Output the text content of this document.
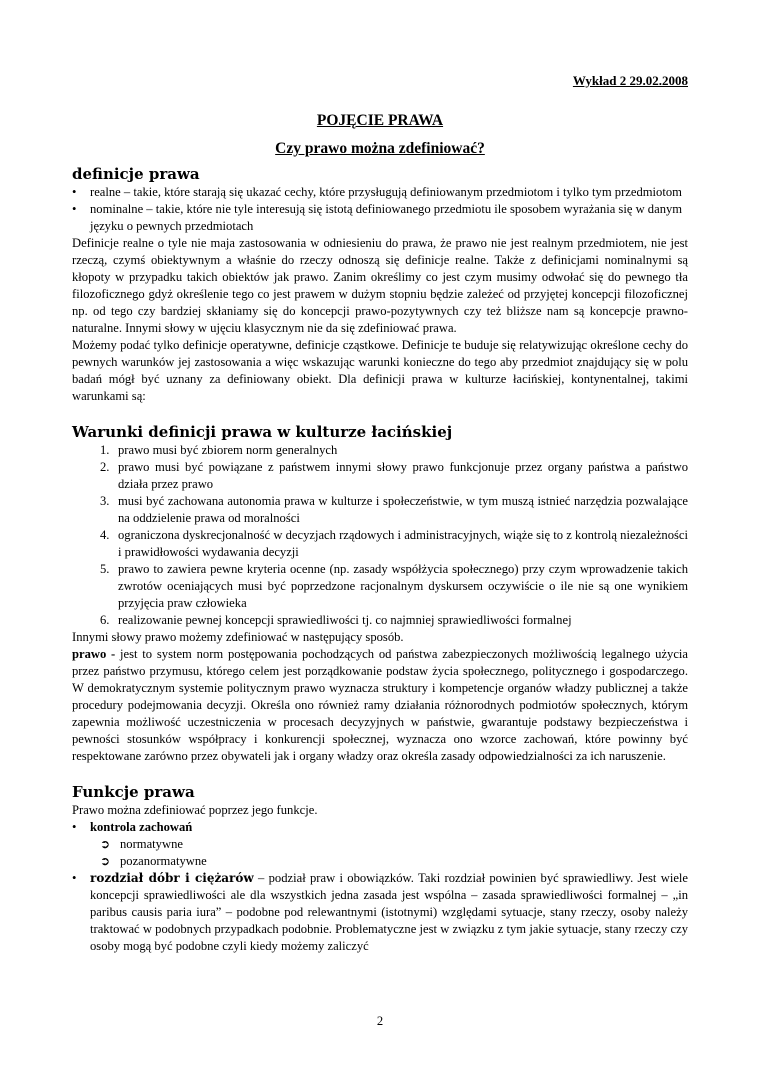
Wykład 2 29.02.2008
POJĘCIE PRAWA
Czy prawo można zdefiniować?
definicje prawa
• realne – takie, które starają się ukazać cechy, które przysługują definiowanym przedmiotom i tylko tym przedmiotom
• nominalne – takie, które nie tyle interesują się istotą definiowanego przedmiotu ile sposobem wyrażania się w danym języku o pewnych przedmiotach

Definicje realne o tyle nie maja zastosowania w odniesieniu do prawa, że prawo nie jest realnym przedmiotem, nie jest rzeczą, czymś obiektywnym a właśnie do rzeczy odnoszą się definicje realne. Także z definicjami nominalnymi są kłopoty w przypadku takich obiektów jak prawo. Zanim określimy co jest czym musimy odwołać się do pewnego tła filozoficznego gdyż określenie tego co jest prawem w dużym stopniu będzie zależeć od przyjętej koncepcji filozoficznej np. od tego czy bardziej skłaniamy się do koncepcji prawo-pozytywnych czy też bliższe nam są koncepcje prawno-naturalne. Innymi słowy w ujęciu klasycznym nie da się zdefiniować prawa.

Możemy podać tylko definicje operatywne, definicje cząstkowe. Definicje te buduje się relatywizując określone cechy do pewnych warunków jej zastosowania a więc wskazując warunki konieczne do tego aby przedmiot znajdujący się w polu badań mógł być uznany za definiowany obiekt. Dla definicji prawa w kulturze łacińskiej, kontynentalnej, takimi warunkami są:

Warunki definicji prawa w kulturze łacińskiej
1. prawo musi być zbiorem norm generalnych
2. prawo musi być powiązane z państwem innymi słowy prawo funkcjonuje przez organy państwa a państwo działa przez prawo
3. musi być zachowana autonomia prawa w kulturze i społeczeństwie, w tym muszą istnieć narzędzia pozwalające na oddzielenie prawa od moralności
4. ograniczona dyskrecjonalność w decyzjach rządowych i administracyjnych, wiąże się to z kontrolą niezależności i prawidłowości wydawania decyzji
5. prawo to zawiera pewne kryteria ocenne (np. zasady współżycia społecznego) przy czym wprowadzenie takich zwrotów oceniających musi być poprzedzone racjonalnym dyskursem oczywiście o ile nie są one wynikiem przyjęcia praw człowieka
6. realizowanie pewnej koncepcji sprawiedliwości tj. co najmniej sprawiedliwości formalnej

Innymi słowy prawo możemy zdefiniować w następujący sposób.

prawo - jest to system norm postępowania pochodzących od państwa zabezpieczonych możliwością legalnego użycia przez państwo przymusu, którego celem jest porządkowanie podstaw życia społecznego, politycznego i gospodarczego. W demokratycznym systemie politycznym prawo wyznacza struktury i kompetencje organów władzy publicznej a także procedury podejmowania decyzji. Określa ono również ramy działania różnorodnych podmiotów społecznych, którym zapewnia możliwość uczestniczenia w procesach decyzyjnych w państwie, gwarantuje podstawy bezpieczeństwa i pewności stosunków współpracy i konkurencji społecznej, wyznacza ono wzorce zachowań, które powinny być respektowane zarówno przez obywateli jak i organy władzy oraz określa zasady odpowiedzialności za ich naruszenie.

Funkcje prawa

Prawo można zdefiniować poprzez jego funkcje.

• kontrola zachowań
➲ normatywne
➲ pozanormatywne
• rozdział dóbr i ciężarów – podział praw i obowiązków. Taki rozdział powinien być sprawiedliwy. Jest wiele koncepcji sprawiedliwości ale dla wszystkich jedna zasada jest wspólna – zasada sprawiedliwości formalnej – „in paribus causis paria iura” – podobne pod relewantnymi (istotnymi) względami sytuacje, stany rzeczy, osoby należy traktować w podobnych przypadkach podobnie. Problematyczne jest w związku z tym jakie sytuacje, stany rzeczy czy osoby mogą być podobne czyli kiedy możemy zaliczyć
2
